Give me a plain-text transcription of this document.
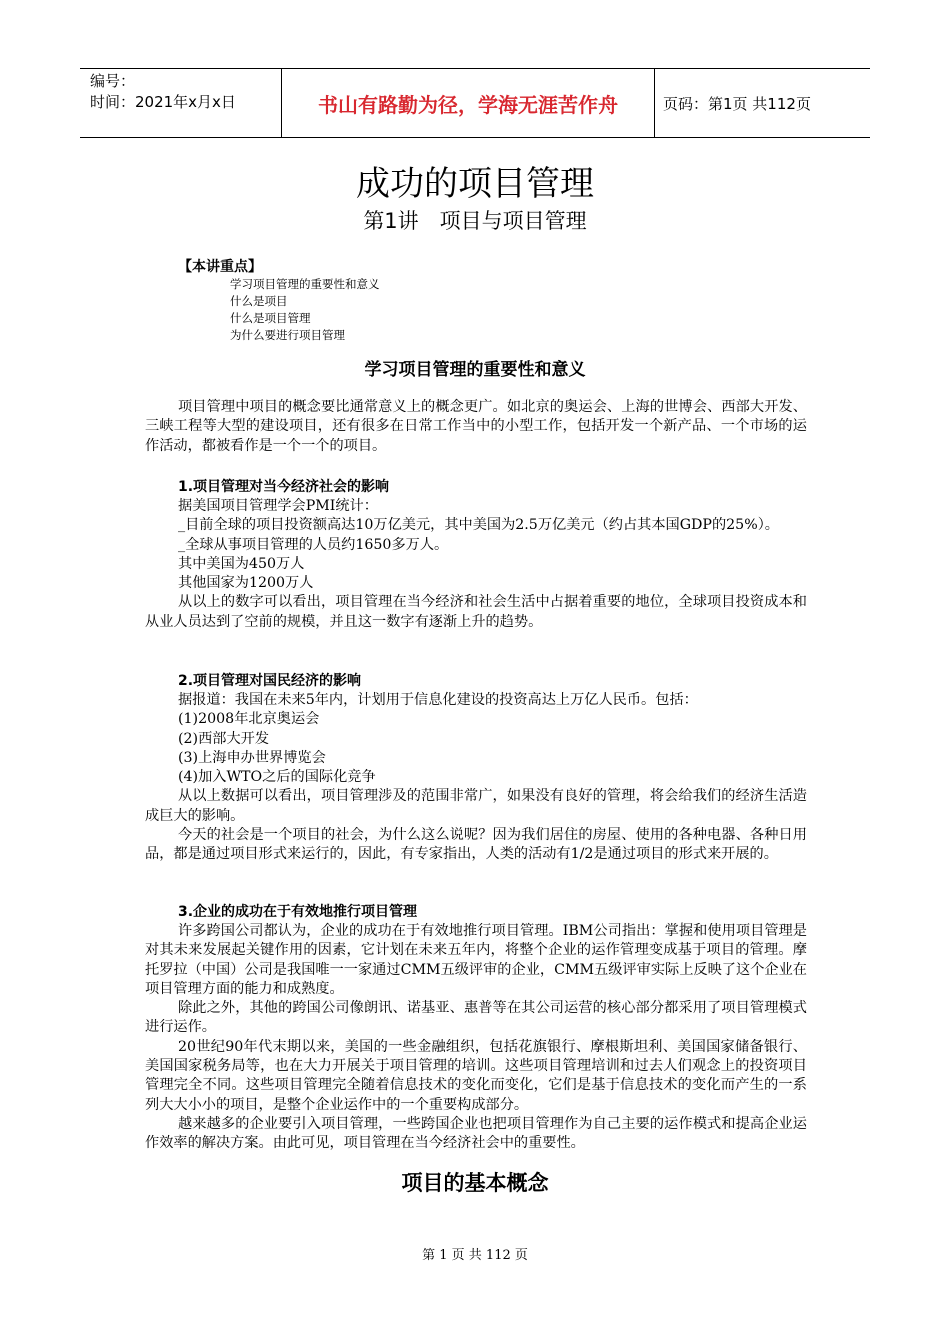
编号：
时间：2021年x月x日	书山有路勤为径，学海无涯苦作舟	页码：第1页 共112页
成功的项目管理
第1讲　项目与项目管理
【本讲重点】
学习项目管理的重要性和意义
什么是项目
什么是项目管理
为什么要进行项目管理
学习项目管理的重要性和意义

项目管理中项目的概念要比通常意义上的概念更广。如北京的奥运会、上海的世博会、西部大开发、三峡工程等大型的建设项目，还有很多在日常工作当中的小型工作，包括开发一个新产品、一个市场的运作活动，都被看作是一个一个的项目。

1.项目管理对当今经济社会的影响

据美国项目管理学会PMI统计：

_目前全球的项目投资额高达10万亿美元，其中美国为2.5万亿美元（约占其本国GDP的25%）。

_全球从事项目管理的人员约1650多万人。

其中美国为450万人

其他国家为1200万人

从以上的数字可以看出，项目管理在当今经济和社会生活中占据着重要的地位，全球项目投资成本和从业人员达到了空前的规模，并且这一数字有逐渐上升的趋势。

2.项目管理对国民经济的影响

据报道：我国在未来5年内，计划用于信息化建设的投资高达上万亿人民币。包括：

(1)2008年北京奥运会

(2)西部大开发

(3)上海申办世界博览会

(4)加入WTO之后的国际化竞争

从以上数据可以看出，项目管理涉及的范围非常广，如果没有良好的管理，将会给我们的经济生活造成巨大的影响。

今天的社会是一个项目的社会，为什么这么说呢？因为我们居住的房屋、使用的各种电器、各种日用品，都是通过项目形式来运行的，因此，有专家指出，人类的活动有1/2是通过项目的形式来开展的。

3.企业的成功在于有效地推行项目管理

许多跨国公司都认为，企业的成功在于有效地推行项目管理。IBM公司指出：掌握和使用项目管理是对其未来发展起关键作用的因素，它计划在未来五年内，将整个企业的运作管理变成基于项目的管理。摩托罗拉（中国）公司是我国唯一一家通过CMM五级评审的企业，CMM五级评审实际上反映了这个企业在项目管理方面的能力和成熟度。

除此之外，其他的跨国公司像朗讯、诺基亚、惠普等在其公司运营的核心部分都采用了项目管理模式进行运作。

20世纪90年代末期以来，美国的一些金融组织，包括花旗银行、摩根斯坦利、美国国家储备银行、美国国家税务局等，也在大力开展关于项目管理的培训。这些项目管理培训和过去人们观念上的投资项目管理完全不同。这些项目管理完全随着信息技术的变化而变化，它们是基于信息技术的变化而产生的一系列大大小小的项目，是整个企业运作中的一个重要构成部分。

越来越多的企业要引入项目管理，一些跨国企业也把项目管理作为自己主要的运作模式和提高企业运作效率的解决方案。由此可见，项目管理在当今经济社会中的重要性。

项目的基本概念
第 1 页 共 112 页
